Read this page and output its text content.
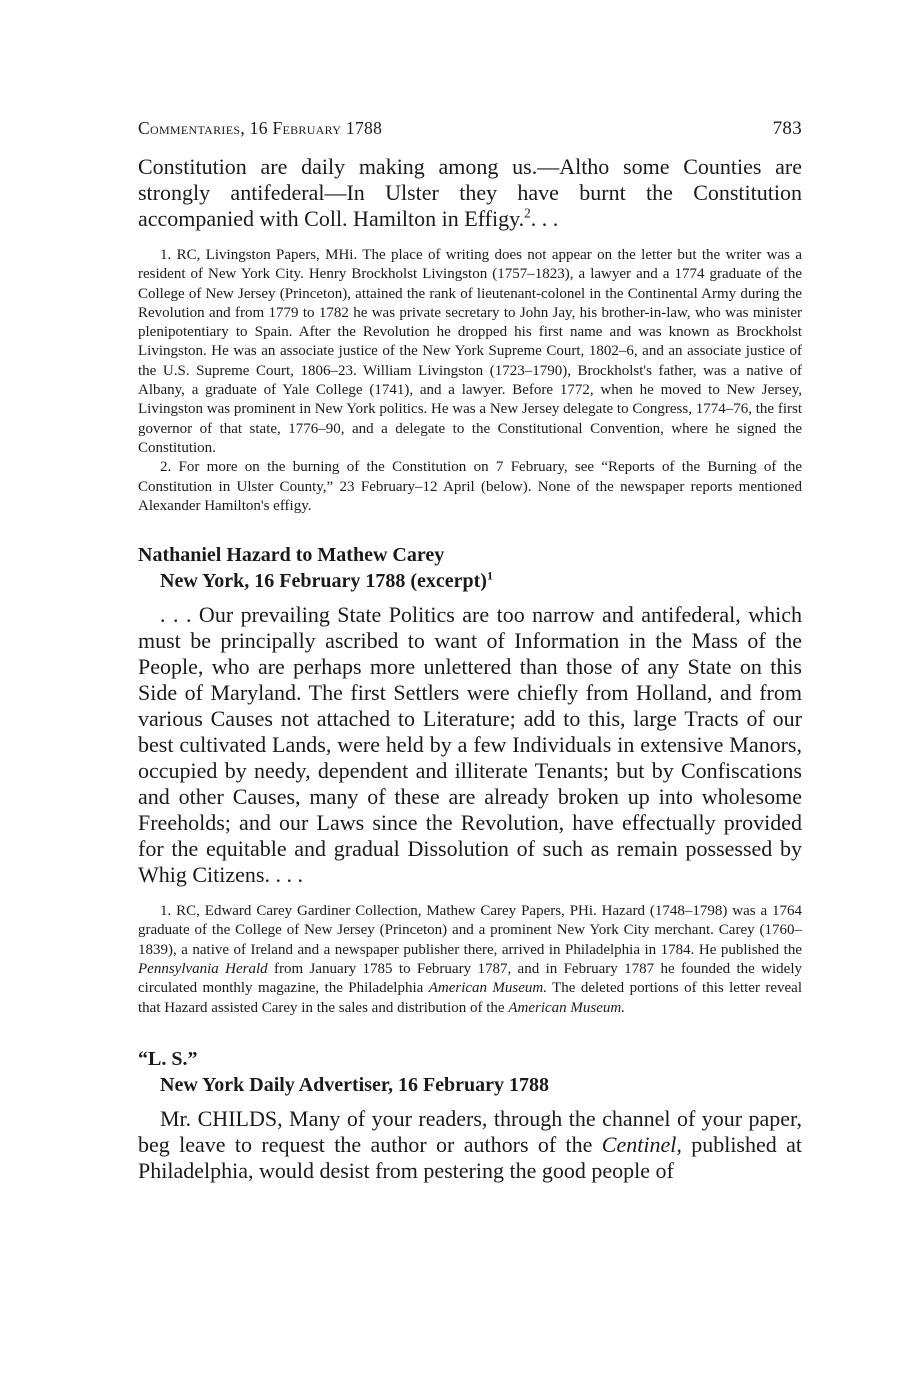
Commentaries, 16 February 1788	783

Constitution are daily making among us.—Altho some Counties are strongly antifederal—In Ulster they have burnt the Constitution accompanied with Coll. Hamilton in Effigy.$^2$. . .

1. RC, Livingston Papers, MHi. The place of writing does not appear on the letter but the writer was a resident of New York City. Henry Brockholst Livingston (1757–1823), a lawyer and a 1774 graduate of the College of New Jersey (Princeton), attained the rank of lieutenant-colonel in the Continental Army during the Revolution and from 1779 to 1782 he was private secretary to John Jay, his brother-in-law, who was minister plenipotentiary to Spain. After the Revolution he dropped his first name and was known as Brockholst Livingston. He was an associate justice of the New York Supreme Court, 1802–6, and an associate justice of the U.S. Supreme Court, 1806–23. William Livingston (1723–1790), Brockholst's father, was a native of Albany, a graduate of Yale College (1741), and a lawyer. Before 1772, when he moved to New Jersey, Livingston was prominent in New York politics. He was a New Jersey delegate to Congress, 1774–76, the first governor of that state, 1776–90, and a delegate to the Constitutional Convention, where he signed the Constitution.

2. For more on the burning of the Constitution on 7 February, see “Reports of the Burning of the Constitution in Ulster County,” 23 February–12 April (below). None of the newspaper reports mentioned Alexander Hamilton's effigy.

Nathaniel Hazard to Mathew Carey

New York, 16 February 1788 (excerpt)$^1$

. . . Our prevailing State Politics are too narrow and antifederal, which must be principally ascribed to want of Information in the Mass of the People, who are perhaps more unlettered than those of any State on this Side of Maryland. The first Settlers were chiefly from Holland, and from various Causes not attached to Literature; add to this, large Tracts of our best cultivated Lands, were held by a few Individuals in extensive Manors, occupied by needy, dependent and illiterate Tenants; but by Confiscations and other Causes, many of these are already broken up into wholesome Freeholds; and our Laws since the Revolution, have effectually provided for the equitable and gradual Dissolution of such as remain possessed by Whig Citizens. . . .

1. RC, Edward Carey Gardiner Collection, Mathew Carey Papers, PHi. Hazard (1748–1798) was a 1764 graduate of the College of New Jersey (Princeton) and a prominent New York City merchant. Carey (1760–1839), a native of Ireland and a newspaper publisher there, arrived in Philadelphia in 1784. He published the Pennsylvania Herald from January 1785 to February 1787, and in February 1787 he founded the widely circulated monthly magazine, the Philadelphia American Museum. The deleted portions of this letter reveal that Hazard assisted Carey in the sales and distribution of the American Museum.

“L. S.”

New York Daily Advertiser, 16 February 1788

Mr. CHILDS, Many of your readers, through the channel of your paper, beg leave to request the author or authors of the Centinel, published at Philadelphia, would desist from pestering the good people of
